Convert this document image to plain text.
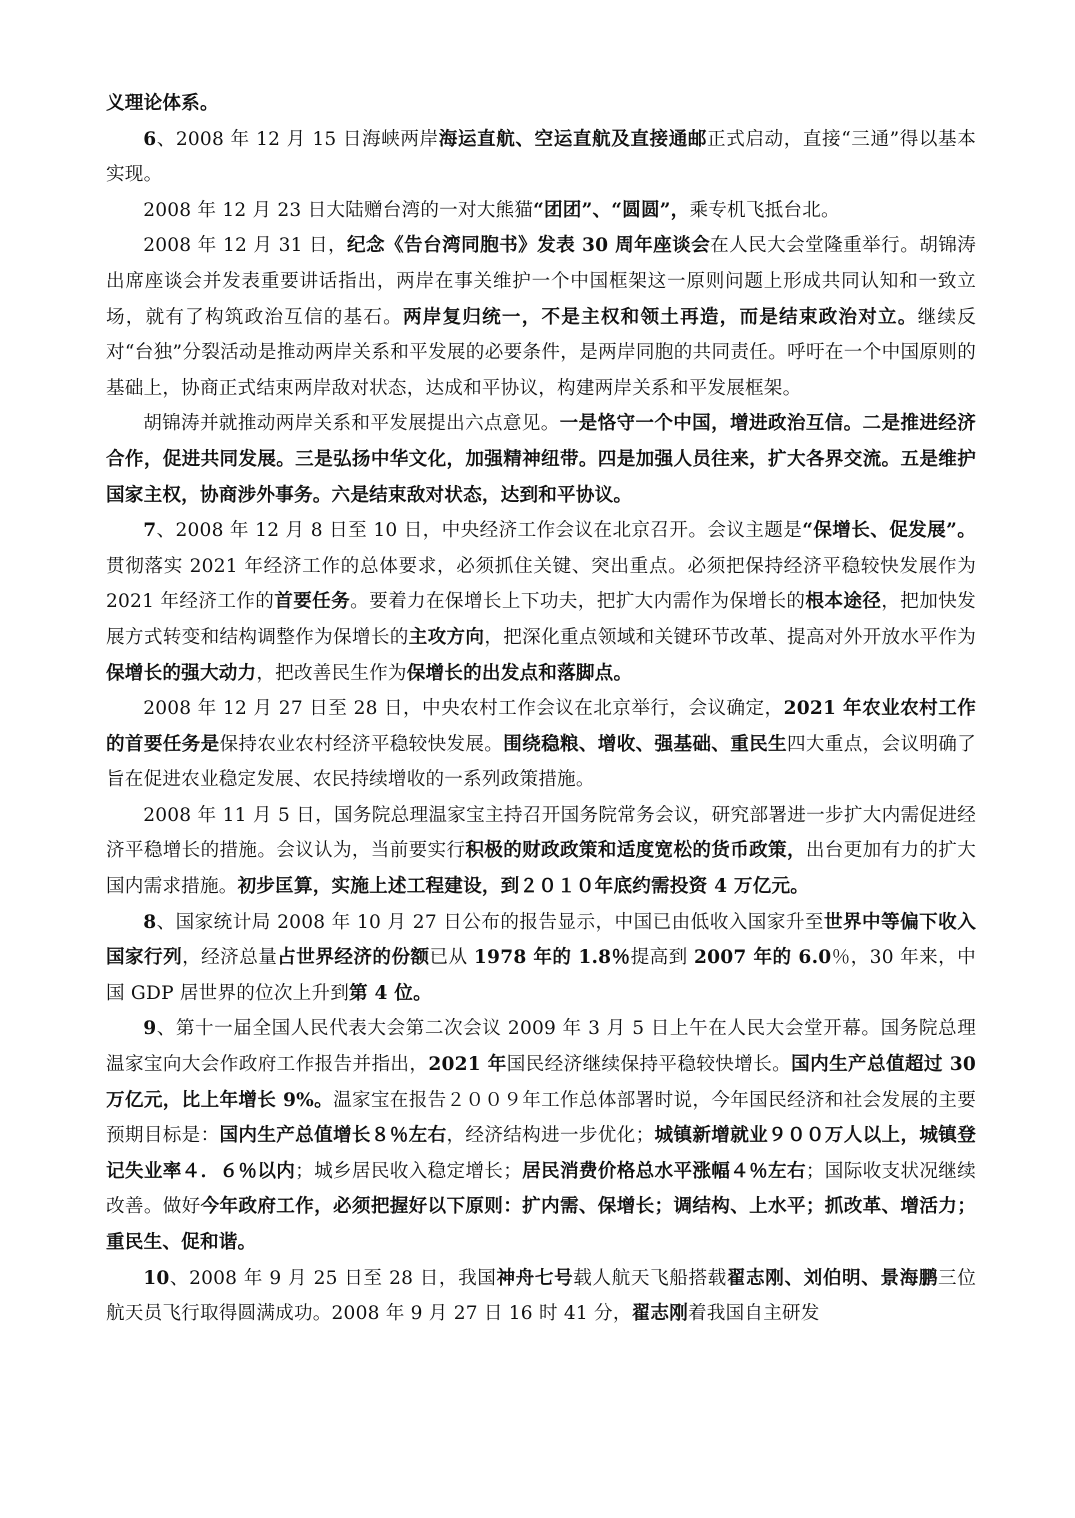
义理论体系。

6、2008 年 12 月 15 日海峡两岸海运直航、空运直航及直接通邮正式启动，直接“三通”得以基本实现。

2008 年 12 月 23 日大陆赠台湾的一对大熊猫“团团”、“圆圆”，乘专机飞抵台北。

2008 年 12 月 31 日，纪念《告台湾同胞书》发表 30 周年座谈会在人民大会堂隆重举行。胡锦涛出席座谈会并发表重要讲话指出，两岸在事关维护一个中国框架这一原则问题上形成共同认知和一致立场，就有了构筑政治互信的基石。两岸复归统一，不是主权和领土再造，而是结束政治对立。继续反对“台独”分裂活动是推动两岸关系和平发展的必要条件，是两岸同胞的共同责任。呼吁在一个中国原则的基础上，协商正式结束两岸敌对状态，达成和平协议，构建两岸关系和平发展框架。

胡锦涛并就推动两岸关系和平发展提出六点意见。一是恪守一个中国，增进政治互信。二是推进经济合作，促进共同发展。三是弘扬中华文化，加强精神纽带。四是加强人员往来，扩大各界交流。五是维护国家主权，协商涉外事务。六是结束敌对状态，达到和平协议。

7、2008 年 12 月 8 日至 10 日，中央经济工作会议在北京召开。会议主题是“保增长、促发展”。贯彻落实 2021 年经济工作的总体要求，必须抓住关键、突出重点。必须把保持经济平稳较快发展作为 2021 年经济工作的首要任务。要着力在保增长上下功夫，把扩大内需作为保增长的根本途径，把加快发展方式转变和结构调整作为保增长的主攻方向，把深化重点领域和关键环节改革、提高对外开放水平作为保增长的强大动力，把改善民生作为保增长的出发点和落脚点。

2008 年 12 月 27 日至 28 日，中央农村工作会议在北京举行，会议确定，2021 年农业农村工作的首要任务是保持农业农村经济平稳较快发展。围绕稳粮、增收、强基础、重民生四大重点，会议明确了旨在促进农业稳定发展、农民持续增收的一系列政策措施。

2008 年 11 月 5 日，国务院总理温家宝主持召开国务院常务会议，研究部署进一步扩大内需促进经济平稳增长的措施。会议认为，当前要实行积极的财政政策和适度宽松的货币政策，出台更加有力的扩大国内需求措施。初步匡算，实施上述工程建设，到２０１０年底约需投资 4 万亿元。

8、国家统计局 2008 年 10 月 27 日公布的报告显示，中国已由低收入国家升至世界中等偏下收入国家行列，经济总量占世界经济的份额已从 1978 年的 1.8％提高到 2007 年的 6.0％，30 年来，中国 GDP 居世界的位次上升到第 4 位。

9、第十一届全国人民代表大会第二次会议 2009 年 3 月 5 日上午在人民大会堂开幕。国务院总理温家宝向大会作政府工作报告并指出，2021 年国民经济继续保持平稳较快增长。国内生产总值超过 30 万亿元，比上年增长 9%。温家宝在报告２００９年工作总体部署时说，今年国民经济和社会发展的主要预期目标是：国内生产总值增长８％左右，经济结构进一步优化；城镇新增就业９００万人以上，城镇登记失业率４．６％以内；城乡居民收入稳定增长；居民消费价格总水平涨幅４％左右；国际收支状况继续改善。做好今年政府工作，必须把握好以下原则：扩内需、保增长；调结构、上水平；抓改革、增活力；重民生、促和谐。

10、2008 年 9 月 25 日至 28 日，我国神舟七号载人航天飞船搭载翟志刚、刘伯明、景海鹏三位航天员飞行取得圆满成功。2008 年 9 月 27 日 16 时 41 分，翟志刚着我国自主研发
